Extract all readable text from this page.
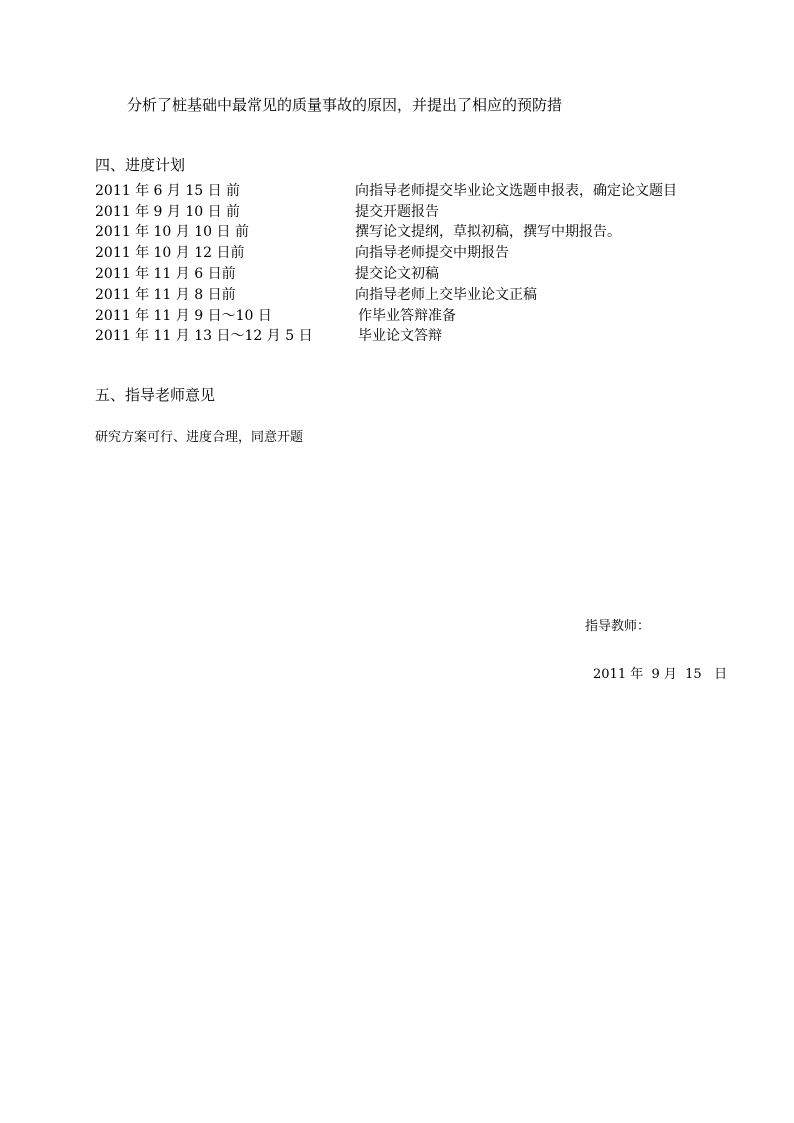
分析了桩基础中最常见的质量事故的原因，并提出了相应的预防措
四、进度计划
2011 年 6 月 15 日 前	向指导老师提交毕业论文选题申报表，确定论文题目
2011 年 9 月 10 日 前	提交开题报告
2011 年 10 月 10 日 前	撰写论文提纲，草拟初稿，撰写中期报告。
2011 年 10 月 12 日前	向指导老师提交中期报告
2011 年 11 月 6 日前	提交论文初稿
2011 年 11 月 8 日前	向指导老师上交毕业论文正稿
2011 年 11 月 9 日～10 日	作毕业答辩准备
2011 年 11 月 13 日～12 月 5 日	毕业论文答辩
五、指导老师意见
研究方案可行、进度合理，同意开题
指导教师：
2011 年  9 月  15   日
